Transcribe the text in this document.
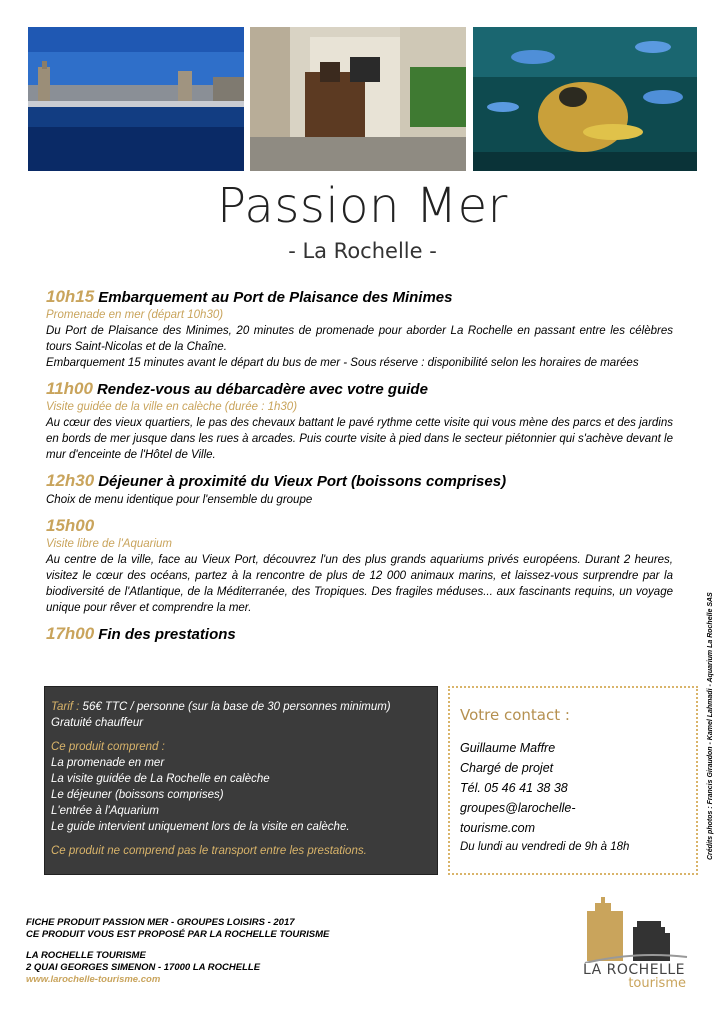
Passion Mer
- La Rochelle -
10h15 Embarquement au Port de Plaisance des Minimes
Promenade en mer (départ 10h30)
Du Port de Plaisance des Minimes, 20 minutes de promenade pour aborder La Rochelle en passant entre les célèbres tours Saint-Nicolas et de la Chaîne.
Embarquement 15 minutes avant le départ du bus de mer - Sous réserve : disponibilité selon les horaires de marées
11h00 Rendez-vous au débarcadère avec votre guide
Visite guidée de la ville en calèche (durée : 1h30)
Au cœur des vieux quartiers, le pas des chevaux battant le pavé rythme cette visite qui vous mène des parcs et des jardins en bords de mer jusque dans les rues à arcades. Puis courte visite à pied dans le secteur piétonnier qui s'achève devant le mur d'enceinte de l'Hôtel de Ville.
12h30 Déjeuner à proximité du Vieux Port (boissons comprises)
Choix de menu identique pour l'ensemble du groupe
15h00
Visite libre de l'Aquarium
Au centre de la ville, face au Vieux Port, découvrez l'un des plus grands aquariums privés européens. Durant 2 heures, visitez le cœur des océans, partez à la rencontre de plus de 12 000 animaux marins, et laissez-vous surprendre par la biodiversité de l'Atlantique, de la Méditerranée, des Tropiques. Des fragiles méduses... aux fascinants requins, un voyage unique pour rêver et comprendre la mer.
17h00 Fin des prestations

Tarif : 56€ TTC / personne (sur la base de 30 personnes minimum)

Gratuité chauffeur

Ce produit comprend :

La promenade en mer

La visite guidée de La Rochelle en calèche

Le déjeuner (boissons comprises)

L'entrée à l'Aquarium

Le guide intervient uniquement lors de la visite en calèche.

Ce produit ne comprend pas le transport entre les prestations.

Votre contact :
Guillaume Maffre
Chargé de projet
Tél. 05 46 41 38 38
groupes@larochelle-
tourisme.com
Du lundi au vendredi de 9h à 18h	Crédits photos : Francis Giraudon - Kamel Lahmadi - Aquarium La Rochelle SAS
FICHE PRODUIT PASSION MER - GROUPES LOISIRS - 2017
CE PRODUIT VOUS EST PROPOSÉ PAR LA ROCHELLE TOURISME
LA ROCHELLE TOURISME
2 QUAI GEORGES SIMENON - 17000 LA ROCHELLE
www.larochelle-tourisme.com
LA ROCHELLE
tourisme
